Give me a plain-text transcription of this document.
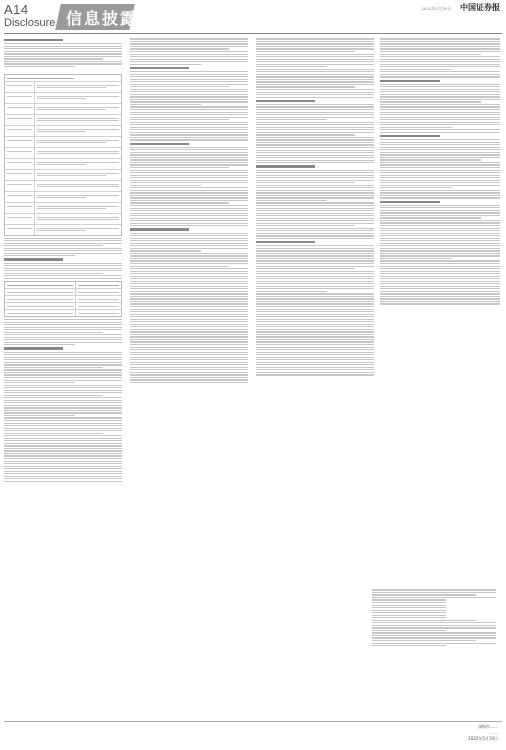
A14
Disclosure 信息披露
2022年5月10日 中国证券报
深圳市……
……
2022年5月10日
